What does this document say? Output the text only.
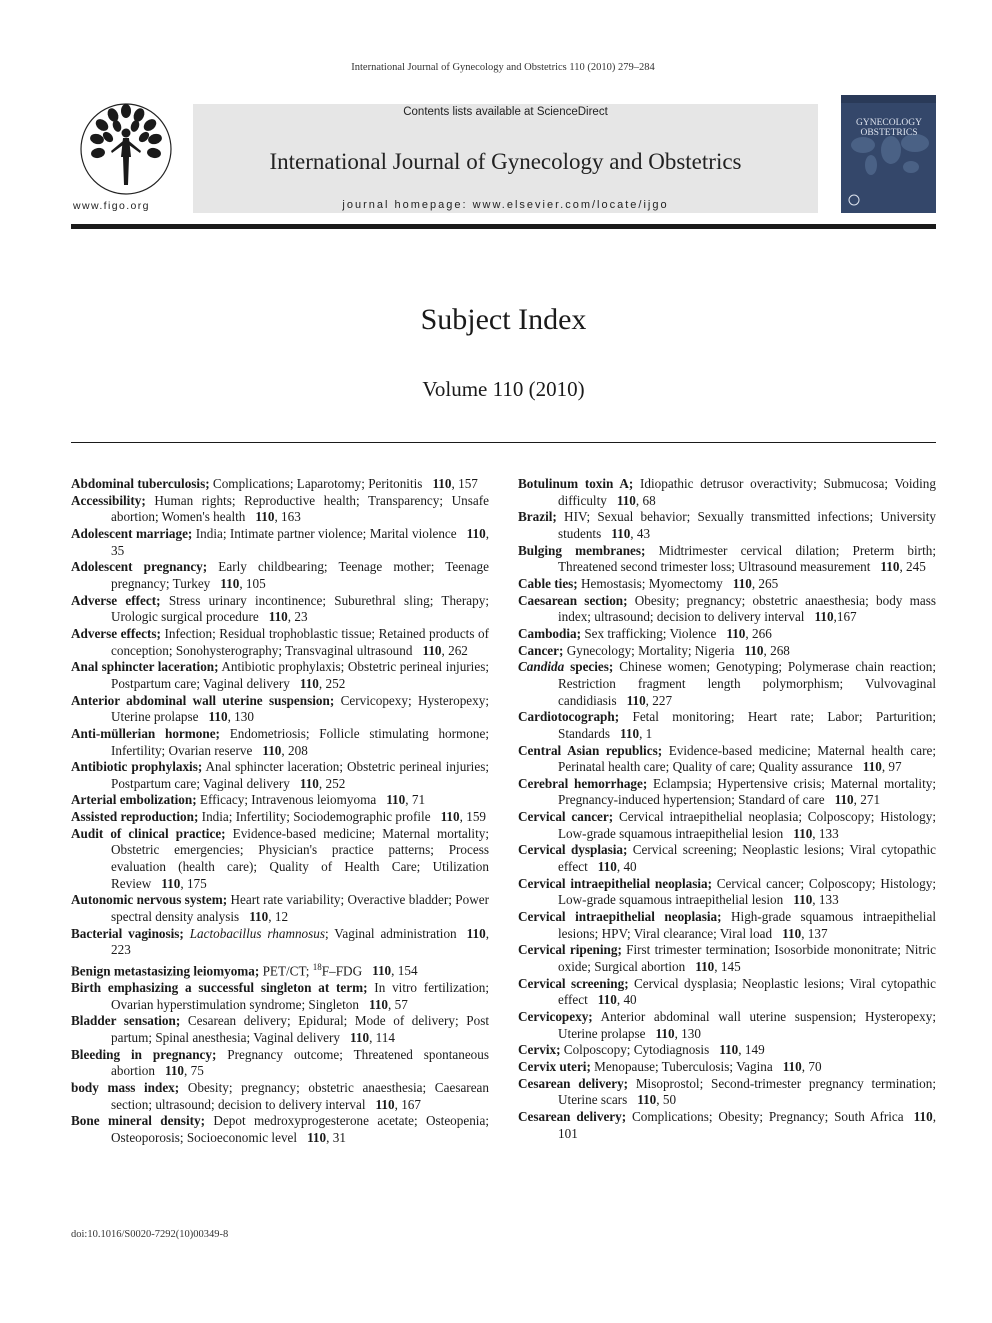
International Journal of Gynecology and Obstetrics 110 (2010) 279–284
www.figo.org
Contents lists available at ScienceDirect
International Journal of Gynecology and Obstetrics
journal homepage: www.elsevier.com/locate/ijgo
GYNECOLOGY
OBSTETRICS
Subject Index
Volume 110 (2010)

Abdominal tuberculosis; Complications; Laparotomy; Peritonitis 110, 157

Accessibility; Human rights; Reproductive health; Transparency; Unsafe abortion; Women's health 110, 163

Adolescent marriage; India; Intimate partner violence; Marital violence 110, 35

Adolescent pregnancy; Early childbearing; Teenage mother; Teenage pregnancy; Turkey 110, 105

Adverse effect; Stress urinary incontinence; Suburethral sling; Therapy; Urologic surgical procedure 110, 23

Adverse effects; Infection; Residual trophoblastic tissue; Retained products of conception; Sonohysterography; Transvaginal ultrasound 110, 262

Anal sphincter laceration; Antibiotic prophylaxis; Obstetric perineal injuries; Postpartum care; Vaginal delivery 110, 252

Anterior abdominal wall uterine suspension; Cervicopexy; Hysteropexy; Uterine prolapse 110, 130

Anti-müllerian hormone; Endometriosis; Follicle stimulating hormone; Infertility; Ovarian reserve 110, 208

Antibiotic prophylaxis; Anal sphincter laceration; Obstetric perineal injuries; Postpartum care; Vaginal delivery 110, 252

Arterial embolization; Efficacy; Intravenous leiomyoma 110, 71

Assisted reproduction; India; Infertility; Sociodemographic profile 110, 159

Audit of clinical practice; Evidence-based medicine; Maternal mortality; Obstetric emergencies; Physician's practice patterns; Process evaluation (health care); Quality of Health Care; Utilization Review 110, 175

Autonomic nervous system; Heart rate variability; Overactive bladder; Power spectral density analysis 110, 12

Bacterial vaginosis; Lactobacillus rhamnosus; Vaginal administration 110, 223

Benign metastasizing leiomyoma; PET/CT; $^{18}$F–FDG 110, 154

Birth emphasizing a successful singleton at term; In vitro fertilization; Ovarian hyperstimulation syndrome; Singleton 110, 57

Bladder sensation; Cesarean delivery; Epidural; Mode of delivery; Post partum; Spinal anesthesia; Vaginal delivery 110, 114

Bleeding in pregnancy; Pregnancy outcome; Threatened spontaneous abortion 110, 75

body mass index; Obesity; pregnancy; obstetric anaesthesia; Caesarean section; ultrasound; decision to delivery interval 110, 167

Bone mineral density; Depot medroxyprogesterone acetate; Osteopenia; Osteoporosis; Socioeconomic level 110, 31

Botulinum toxin A; Idiopathic detrusor overactivity; Submucosa; Voiding difficulty 110, 68

Brazil; HIV; Sexual behavior; Sexually transmitted infections; University students 110, 43

Bulging membranes; Midtrimester cervical dilation; Preterm birth; Threatened second trimester loss; Ultrasound measurement 110, 245

Cable ties; Hemostasis; Myomectomy 110, 265

Caesarean section; Obesity; pregnancy; obstetric anaesthesia; body mass index; ultrasound; decision to delivery interval 110,167

Cambodia; Sex trafficking; Violence 110, 266

Cancer; Gynecology; Mortality; Nigeria 110, 268

Candida species; Chinese women; Genotyping; Polymerase chain reaction; Restriction fragment length polymorphism; Vulvovaginal candidiasis 110, 227

Cardiotocograph; Fetal monitoring; Heart rate; Labor; Parturition; Standards 110, 1

Central Asian republics; Evidence-based medicine; Maternal health care; Perinatal health care; Quality of care; Quality assurance 110, 97

Cerebral hemorrhage; Eclampsia; Hypertensive crisis; Maternal mortality; Pregnancy-induced hypertension; Standard of care 110, 271

Cervical cancer; Cervical intraepithelial neoplasia; Colposcopy; Histology; Low-grade squamous intraepithelial lesion 110, 133

Cervical dysplasia; Cervical screening; Neoplastic lesions; Viral cytopathic effect 110, 40

Cervical intraepithelial neoplasia; Cervical cancer; Colposcopy; Histology; Low-grade squamous intraepithelial lesion 110, 133

Cervical intraepithelial neoplasia; High-grade squamous intraepithelial lesions; HPV; Viral clearance; Viral load 110, 137

Cervical ripening; First trimester termination; Isosorbide mononitrate; Nitric oxide; Surgical abortion 110, 145

Cervical screening; Cervical dysplasia; Neoplastic lesions; Viral cytopathic effect 110, 40

Cervicopexy; Anterior abdominal wall uterine suspension; Hysteropexy; Uterine prolapse 110, 130

Cervix; Colposcopy; Cytodiagnosis 110, 149

Cervix uteri; Menopause; Tuberculosis; Vagina 110, 70

Cesarean delivery; Misoprostol; Second-trimester pregnancy termination; Uterine scars 110, 50

Cesarean delivery; Complications; Obesity; Pregnancy; South Africa 110, 101

doi:10.1016/S0020-7292(10)00349-8
